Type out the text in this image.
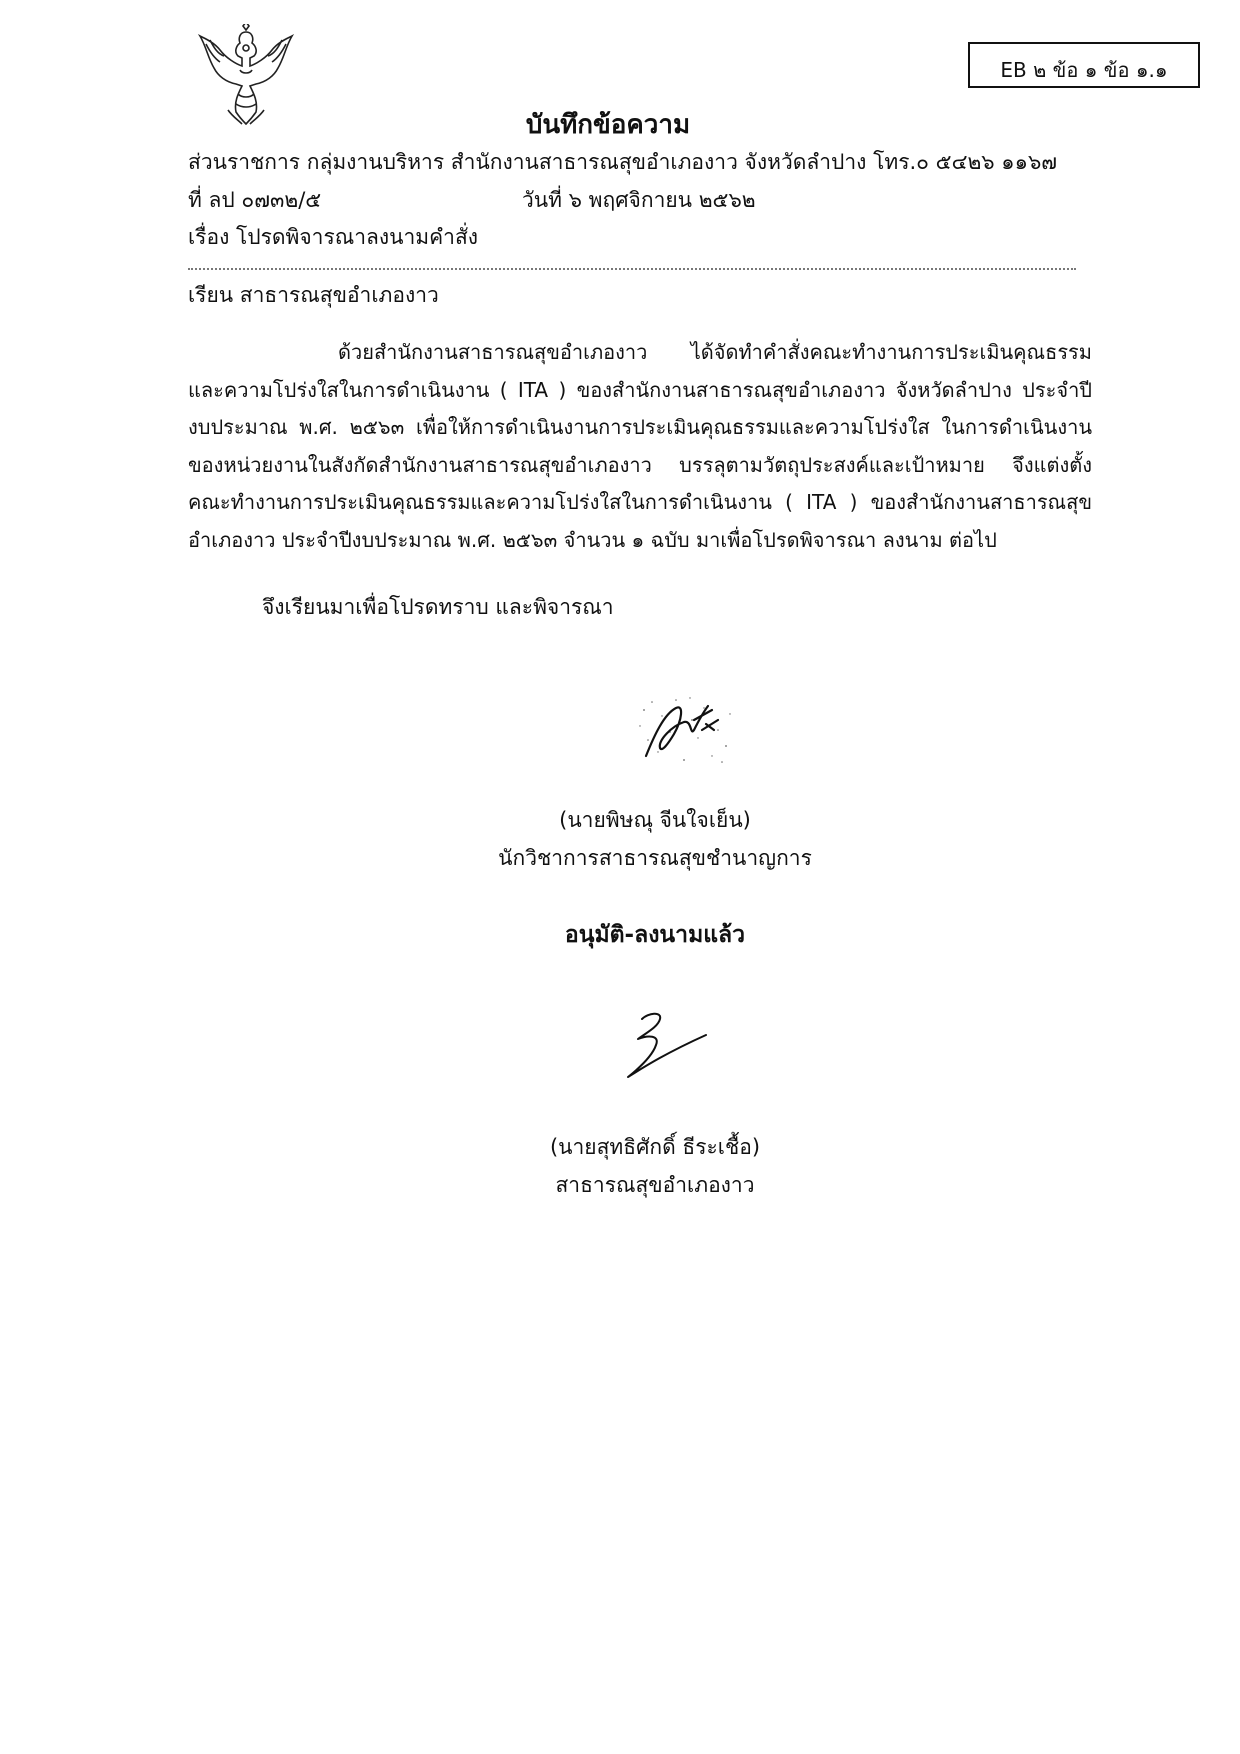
EB ๒ ข้อ ๑ ข้อ ๑.๑
บันทึกข้อความ
ส่วนราชการ กลุ่มงานบริหาร สำนักงานสาธารณสุขอำเภองาว จังหวัดลำปาง โทร.๐ ๕๔๒๖ ๑๑๖๗
ที่ ลป ๐๗๓๒/๕	วันที่ ๖ พฤศจิกายน ๒๕๖๒
เรื่อง โปรดพิจารณาลงนามคำสั่ง
เรียน สาธารณสุขอำเภองาว
ด้วยสำนักงานสาธารณสุขอำเภองาว ได้จัดทำคำสั่งคณะทำงานการประเมินคุณธรรม
และความโปร่งใสในการดำเนินงาน ( ITA ) ของสำนักงานสาธารณสุขอำเภองาว จังหวัดลำปาง ประจำปี
งบประมาณ พ.ศ. ๒๕๖๓ เพื่อให้การดำเนินงานการประเมินคุณธรรมและความโปร่งใส ในการดำเนินงาน
ของหน่วยงานในสังกัดสำนักงานสาธารณสุขอำเภองาว บรรลุตามวัตถุประสงค์และเป้าหมาย จึงแต่งตั้ง
คณะทำงานการประเมินคุณธรรมและความโปร่งใสในการดำเนินงาน ( ITA ) ของสำนักงานสาธารณสุข
อำเภองาว ประจำปีงบประมาณ พ.ศ. ๒๕๖๓ จำนวน ๑ ฉบับ มาเพื่อโปรดพิจารณา ลงนาม ต่อไป
จึงเรียนมาเพื่อโปรดทราบ และพิจารณา
(นายพิษณุ จีนใจเย็น)
นักวิชาการสาธารณสุขชำนาญการ
อนุมัติ-ลงนามแล้ว
(นายสุทธิศักดิ์ ธีระเชื้อ)
สาธารณสุขอำเภองาว
